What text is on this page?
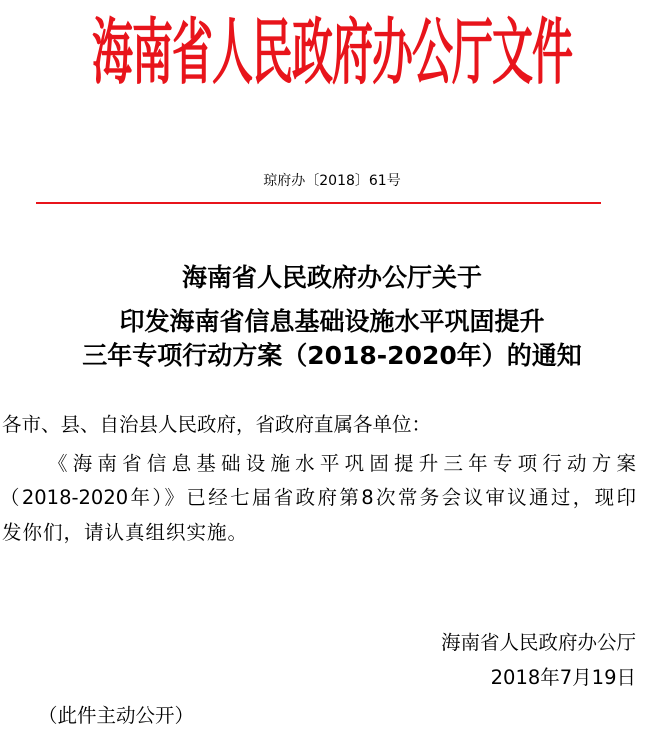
海南省人民政府办公厅文件
琼府办〔2018〕61号
海南省人民政府办公厅关于
印发海南省信息基础设施水平巩固提升
三年专项行动方案（2018-2020年）的通知
各市、县、自治县人民政府，省政府直属各单位：
《海南省信息基础设施水平巩固提升三年专项行动方案
（2018-2020年）》已经七届省政府第8次常务会议审议通过，现印
发你们，请认真组织实施。
海南省人民政府办公厅
2018年7月19日
（此件主动公开）
